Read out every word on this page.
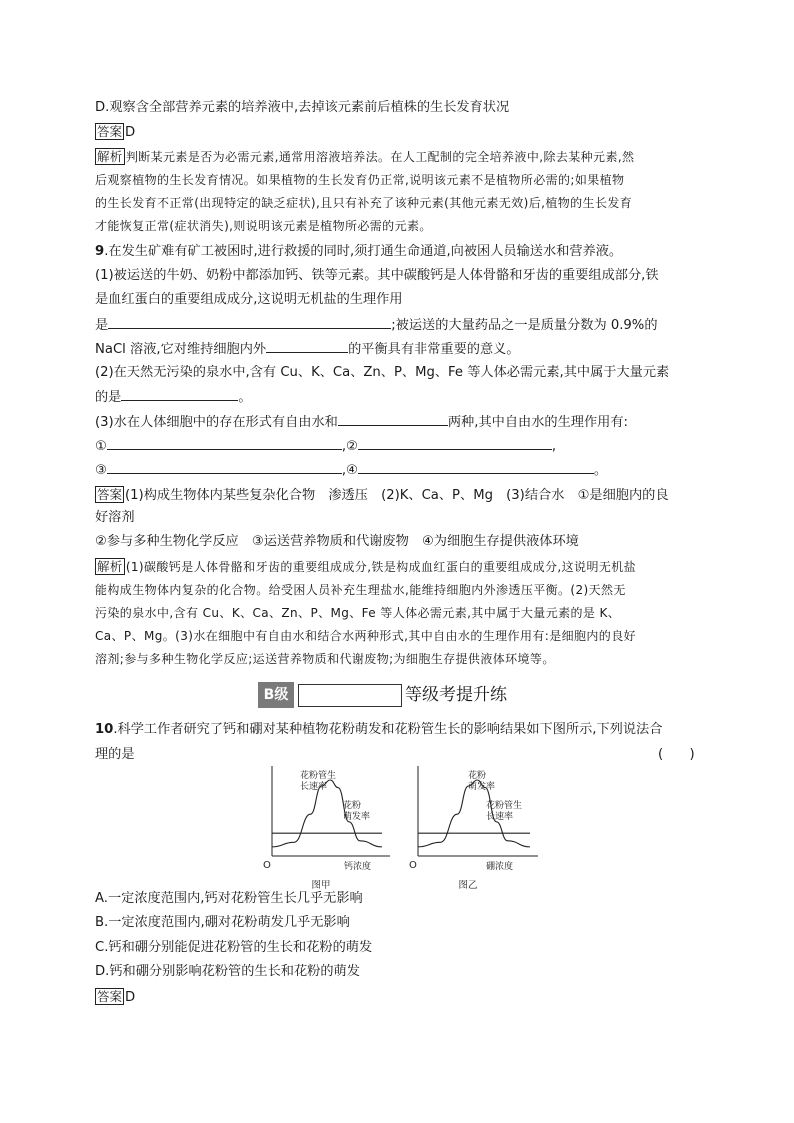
D.观察含全部营养元素的培养液中,去掉该元素前后植株的生长发育状况
答案 D
解析 判断某元素是否为必需元素,通常用溶液培养法。在人工配制的完全培养液中,除去某种元素,然
后观察植物的生长发育情况。如果植物的生长发育仍正常,说明该元素不是植物所必需的;如果植物
的生长发育不正常(出现特定的缺乏症状),且只有补充了该种元素(其他元素无效)后,植物的生长发育
才能恢复正常(症状消失),则说明该元素是植物所必需的元素。
9.在发生矿难有矿工被困时,进行救援的同时,须打通生命通道,向被困人员输送水和营养液。
(1)被运送的牛奶、奶粉中都添加钙、铁等元素。其中碳酸钙是人体骨骼和牙齿的重要组成部分,铁
是血红蛋白的重要组成成分,这说明无机盐的生理作用
是	;被运送的大量药品之一是质量分数为 0.9%的
NaCl 溶液,它对维持细胞内外	的平衡具有非常重要的意义。
(2)在天然无污染的泉水中,含有 Cu、K、Ca、Zn、P、Mg、Fe 等人体必需元素,其中属于大量元素
的是	。
(3)水在人体细胞中的存在形式有自由水和	两种,其中自由水的生理作用有:
①	,②	,
③	,④	。
答案 (1)构成生物体内某些复杂化合物　渗透压　(2)K、Ca、P、Mg　(3)结合水　①是细胞内的良
好溶剂
②参与多种生物化学反应　③运送营养物质和代谢废物　④为细胞生存提供液体环境
解析 (1)碳酸钙是人体骨骼和牙齿的重要组成成分,铁是构成血红蛋白的重要组成成分,这说明无机盐
能构成生物体内复杂的化合物。给受困人员补充生理盐水,能维持细胞内外渗透压平衡。(2)天然无
污染的泉水中,含有 Cu、K、Ca、Zn、P、Mg、Fe 等人体必需元素,其中属于大量元素的是 K、
Ca、P、Mg。(3)水在细胞中有自由水和结合水两种形式,其中自由水的生理作用有:是细胞内的良好
溶剂;参与多种生物化学反应;运送营养物质和代谢废物;为细胞生存提供液体环境等。
B级	等级考提升练
10.科学工作者研究了钙和硼对某种植物花粉萌发和花粉管生长的影响结果如下图所示,下列说法合
理的是	(　　)
O	钙浓度
图甲
花粉管生
长速率
花粉
萌发率
O	硼浓度
图乙
花粉
萌发率
花粉管生
长速率
A.一定浓度范围内,钙对花粉管生长几乎无影响
B.一定浓度范围内,硼对花粉萌发几乎无影响
C.钙和硼分别能促进花粉管的生长和花粉的萌发
D.钙和硼分别影响花粉管的生长和花粉的萌发
答案 D
